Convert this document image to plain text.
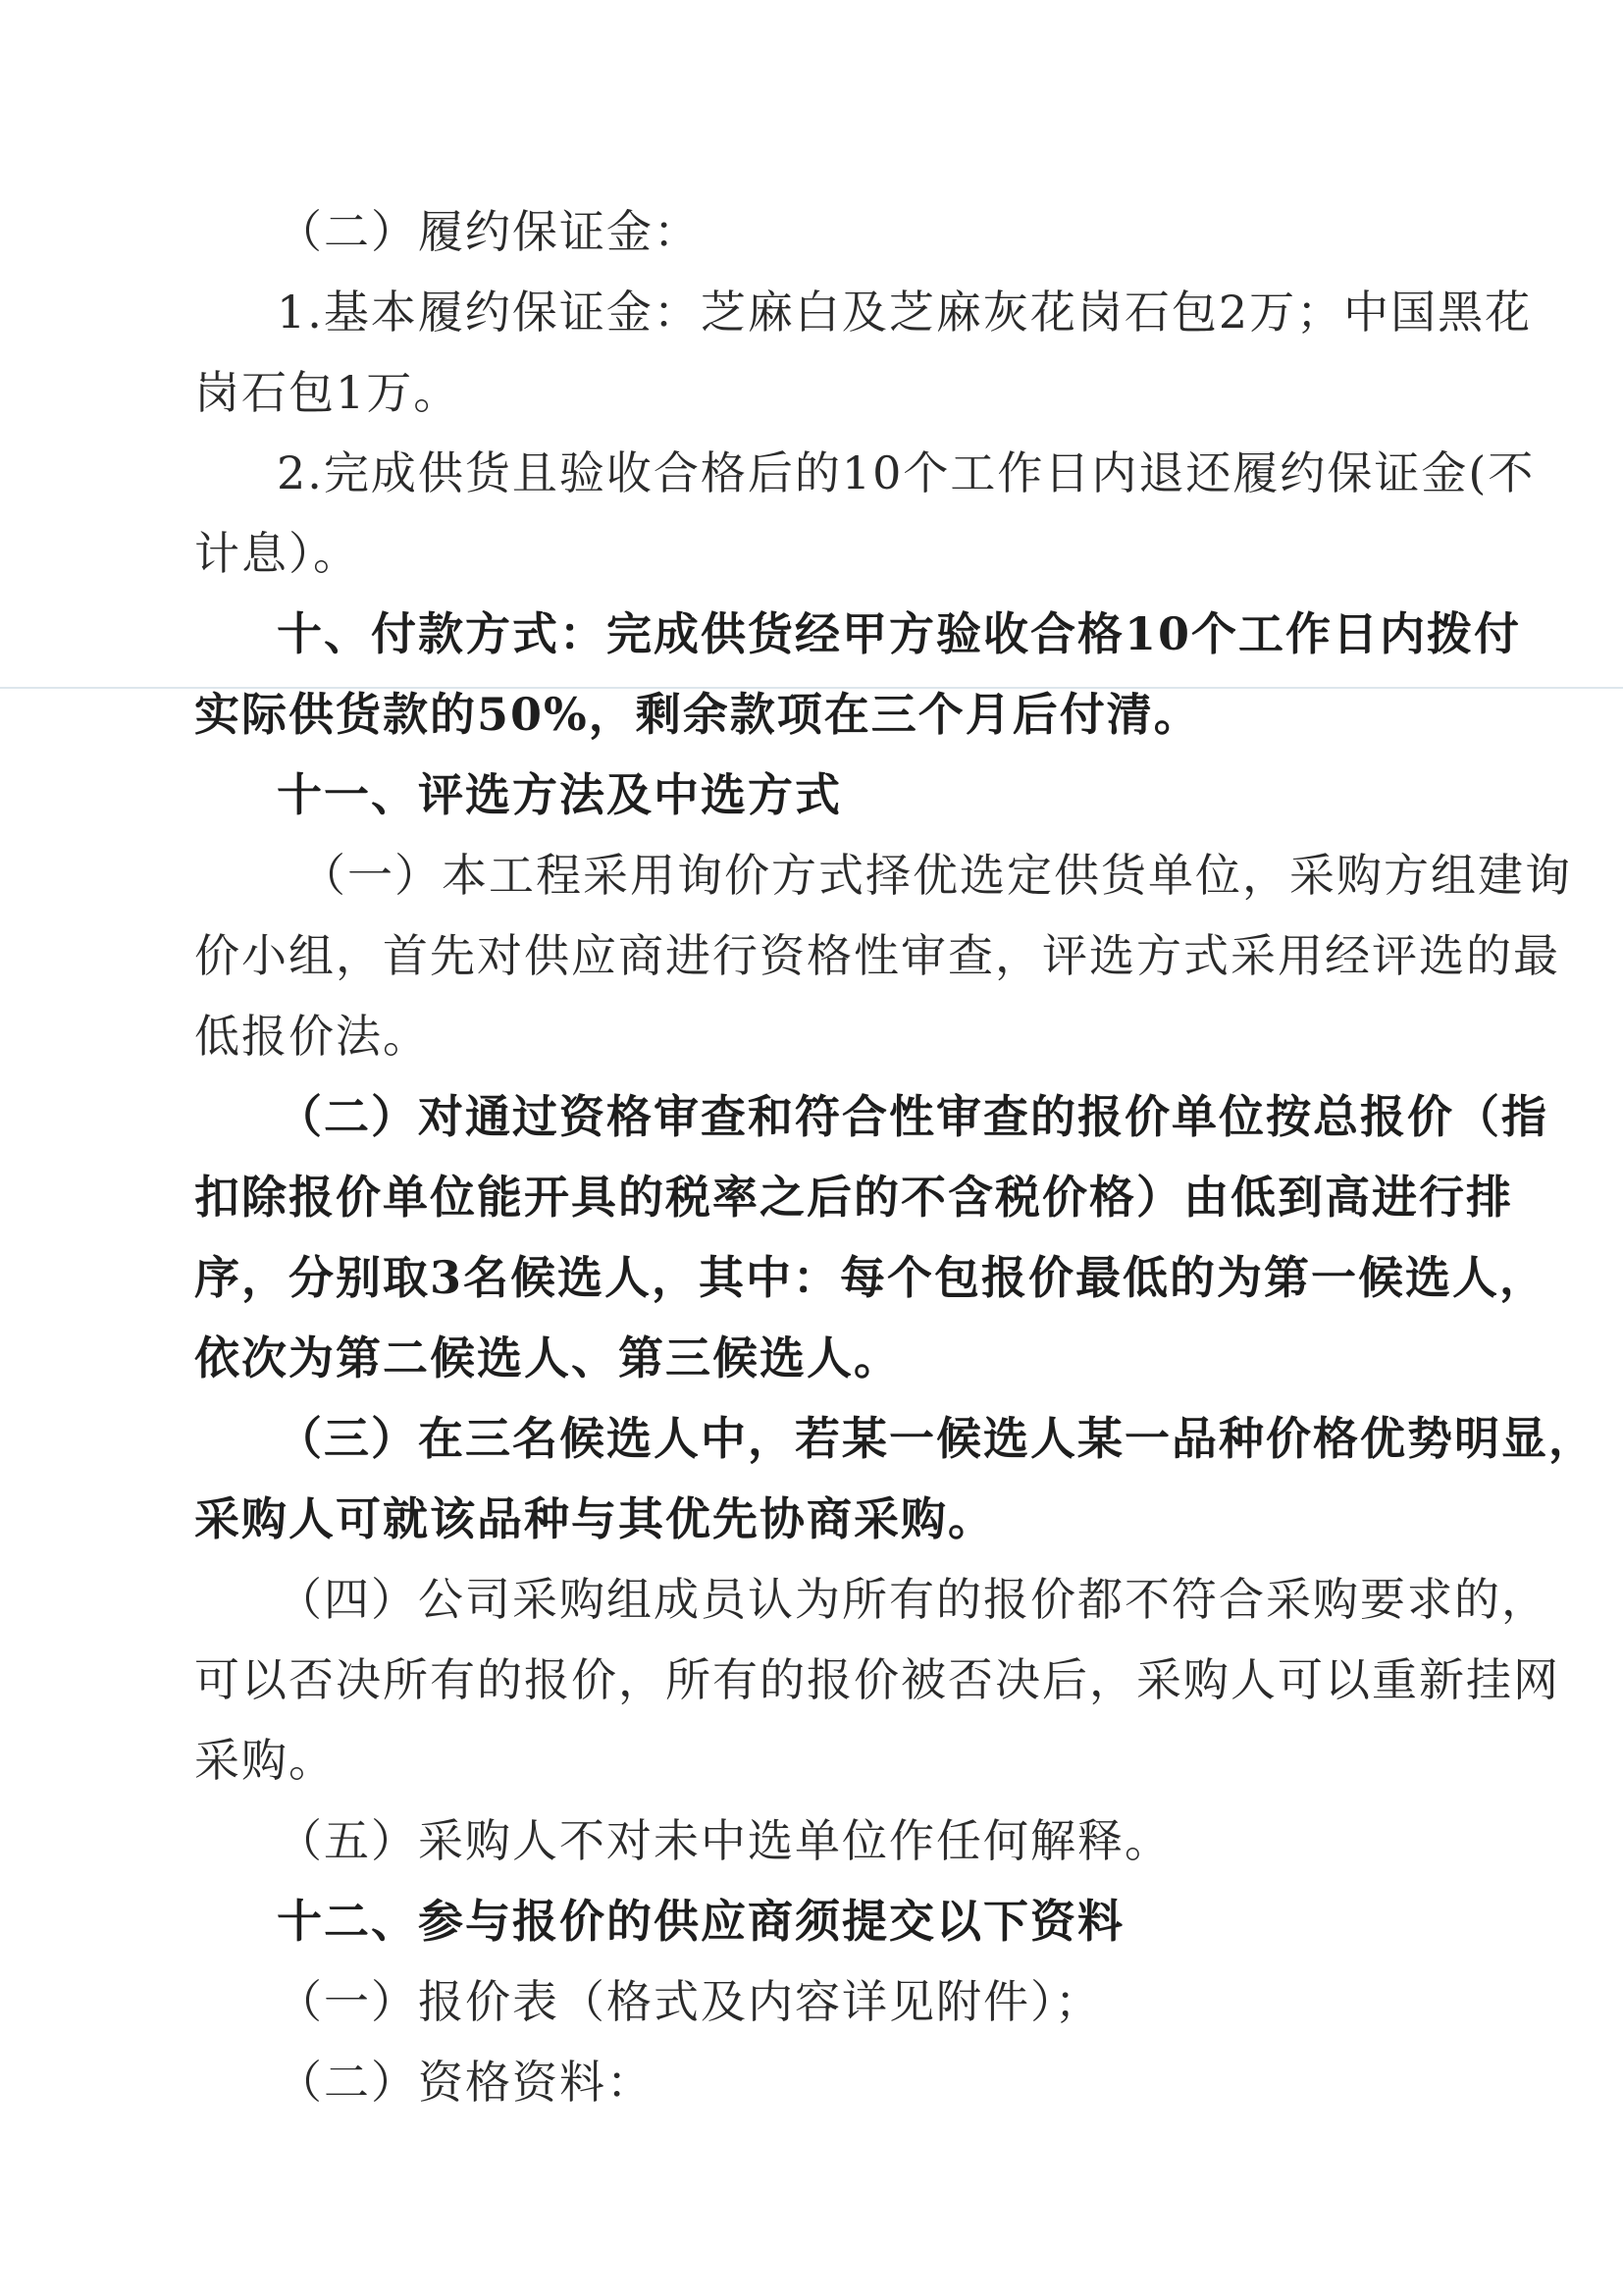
（二）履约保证金：
1.基本履约保证金：芝麻白及芝麻灰花岗石包2万；中国黑花
岗石包1万。
2.完成供货且验收合格后的10个工作日内退还履约保证金(不
计息）。
十、付款方式：完成供货经甲方验收合格10个工作日内拨付
实际供货款的50%，剩余款项在三个月后付清。
十一、评选方法及中选方式
（一）本工程采用询价方式择优选定供货单位，采购方组建询
价小组，首先对供应商进行资格性审查，评选方式采用经评选的最
低报价法。
（二）对通过资格审查和符合性审查的报价单位按总报价（指
扣除报价单位能开具的税率之后的不含税价格）由低到高进行排
序，分别取3名候选人，其中：每个包报价最低的为第一候选人，
依次为第二候选人、第三候选人。
（三）在三名候选人中，若某一候选人某一品种价格优势明显，
采购人可就该品种与其优先协商采购。
（四）公司采购组成员认为所有的报价都不符合采购要求的，
可以否决所有的报价，所有的报价被否决后，采购人可以重新挂网
采购。
（五）采购人不对未中选单位作任何解释。
十二、参与报价的供应商须提交以下资料
（一）报价表（格式及内容详见附件）；
（二）资格资料：
